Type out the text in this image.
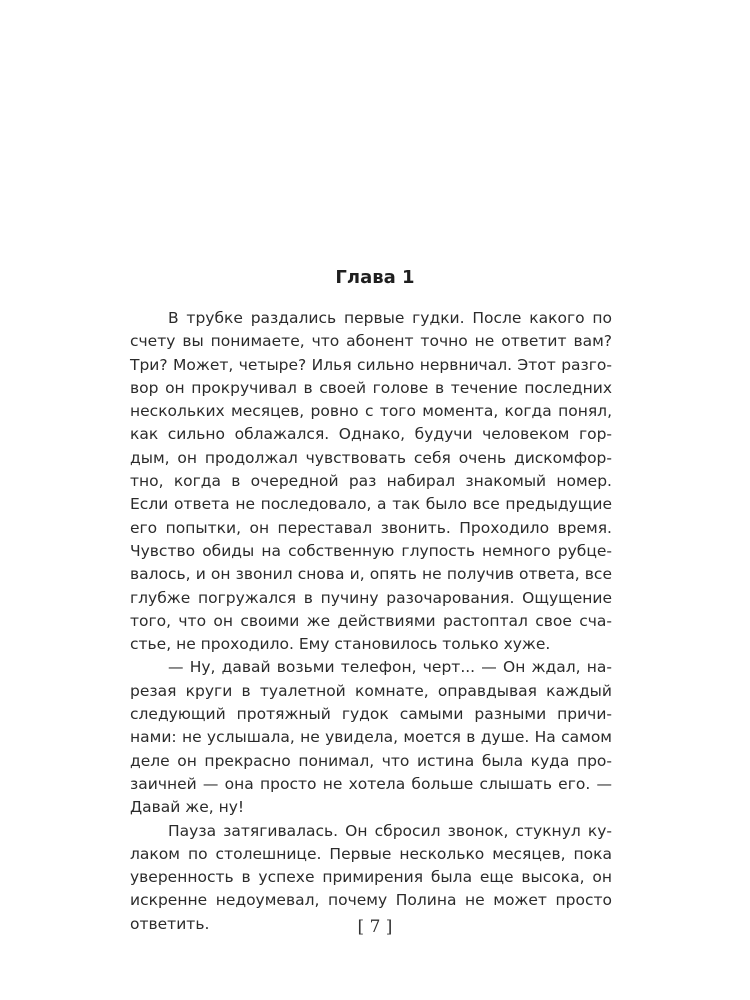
Глава 1

В трубке раздались первые гудки. После какого по
счету вы понимаете, что абонент точно не ответит вам?
Три? Может, четыре? Илья сильно нервничал. Этот разго-
вор он прокручивал в своей голове в течение последних
нескольких месяцев, ровно с того момента, когда понял,
как сильно облажался. Однако, будучи человеком гор-
дым, он продолжал чувствовать себя очень дискомфор-
тно, когда в очередной раз набирал знакомый номер.
Если ответа не последовало, а так было все предыдущие
его попытки, он переставал звонить. Проходило время.
Чувство обиды на собственную глупость немного рубце-
валось, и он звонил снова и, опять не получив ответа, все
глубже погружался в пучину разочарования. Ощущение
того, что он своими же действиями растоптал свое сча-
стье, не проходило. Ему становилось только хуже.

— Ну, давай возьми телефон, черт... — Он ждал, на-
резая круги в туалетной комнате, оправдывая каждый
следующий протяжный гудок самыми разными причи-
нами: не услышала, не увидела, моется в душе. На самом
деле он прекрасно понимал, что истина была куда про-
заичней — она просто не хотела больше слышать его. —
Давай же, ну!

Пауза затягивалась. Он сбросил звонок, стукнул ку-
лаком по столешнице. Первые несколько месяцев, пока
уверенность в успехе примирения была еще высока, он
искренне недоумевал, почему Полина не может просто
ответить.	[ 7 ]
